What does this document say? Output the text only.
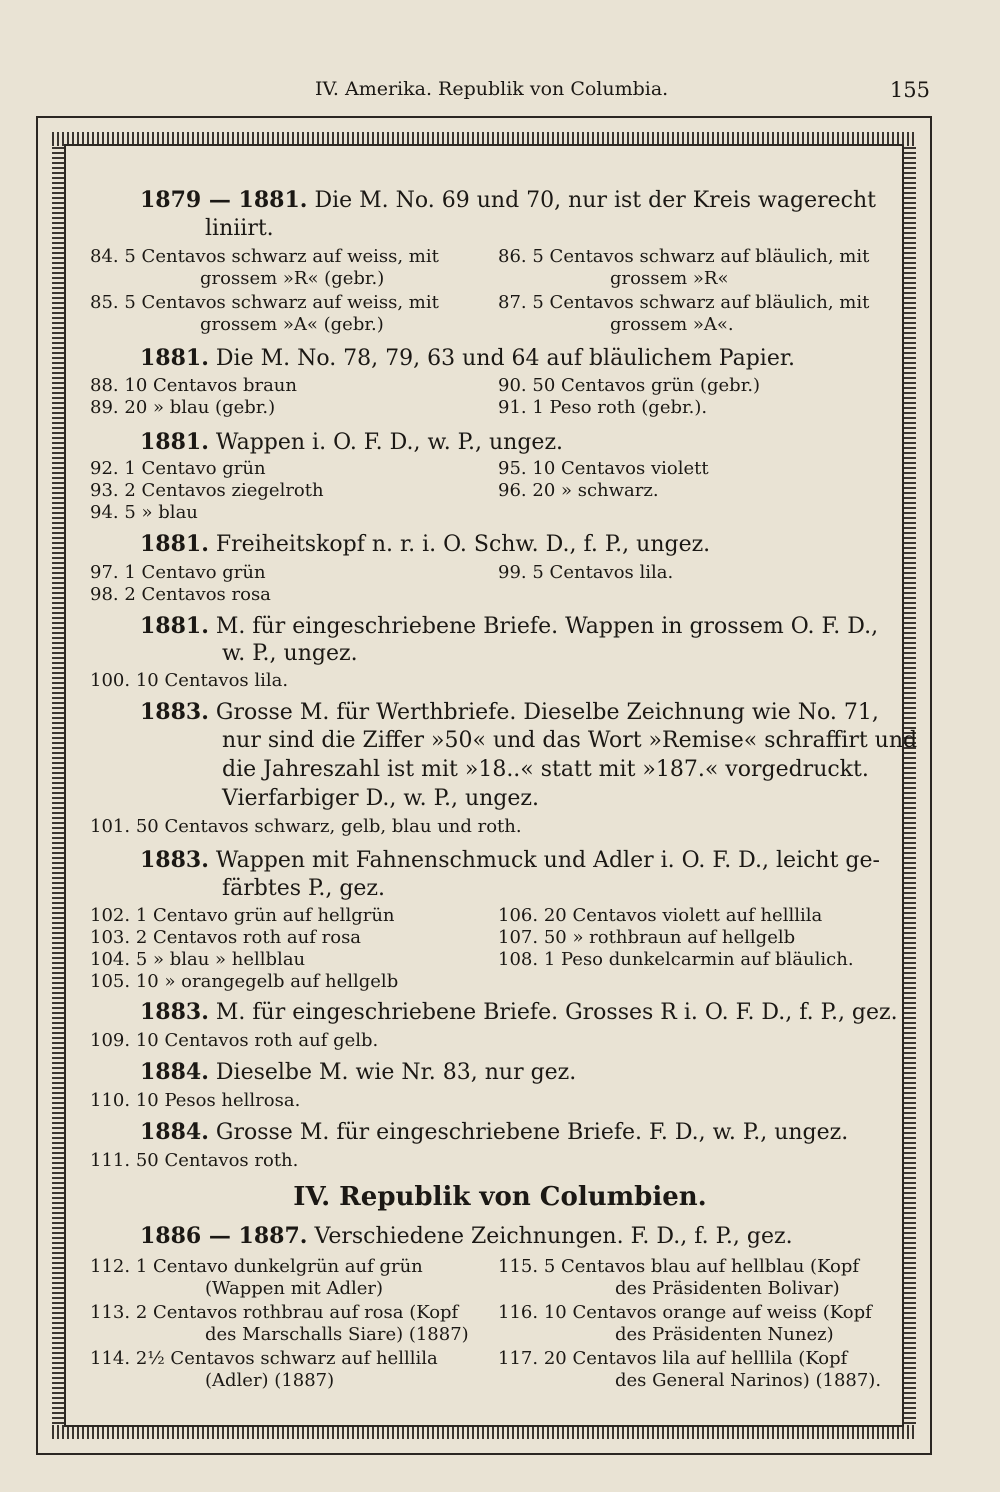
IV. Amerika. Republik von Columbia.	155
1879 — 1881. Die M. No. 69 und 70, nur ist der Kreis wagerecht
liniirt.
84. 5 Centavos schwarz auf weiss, mit
grossem »R« (gebr.)
85. 5 Centavos schwarz auf weiss, mit
grossem »A« (gebr.)
86. 5 Centavos schwarz auf bläulich, mit
grossem »R«
87. 5 Centavos schwarz auf bläulich, mit
grossem »A«.
1881. Die M. No. 78, 79, 63 und 64 auf bläulichem Papier.
88. 10 Centavos braun
89. 20 » blau (gebr.)
90. 50 Centavos grün (gebr.)
91. 1 Peso roth (gebr.).
1881. Wappen i. O. F. D., w. P., ungez.
92. 1 Centavo grün
93. 2 Centavos ziegelroth
94. 5 » blau
95. 10 Centavos violett
96. 20 » schwarz.
1881. Freiheitskopf n. r. i. O. Schw. D., f. P., ungez.
97. 1 Centavo grün
98. 2 Centavos rosa
99. 5 Centavos lila.
1881. M. für eingeschriebene Briefe. Wappen in grossem O. F. D.,
w. P., ungez.
100. 10 Centavos lila.
1883. Grosse M. für Werthbriefe. Dieselbe Zeichnung wie No. 71,
nur sind die Ziffer »50« und das Wort »Remise« schraffirt und
die Jahreszahl ist mit »18..« statt mit »187.« vorgedruckt.
Vierfarbiger D., w. P., ungez.
101. 50 Centavos schwarz, gelb, blau und roth.
1883. Wappen mit Fahnenschmuck und Adler i. O. F. D., leicht ge-
färbtes P., gez.
102. 1 Centavo grün auf hellgrün
103. 2 Centavos roth auf rosa
104. 5 » blau » hellblau
105. 10 » orangegelb auf hellgelb
106. 20 Centavos violett auf helllila
107. 50 » rothbraun auf hellgelb
108. 1 Peso dunkelcarmin auf bläulich.
1883. M. für eingeschriebene Briefe. Grosses R i. O. F. D., f. P., gez.
109. 10 Centavos roth auf gelb.
1884. Dieselbe M. wie Nr. 83, nur gez.
110. 10 Pesos hellrosa.
1884. Grosse M. für eingeschriebene Briefe. F. D., w. P., ungez.
111. 50 Centavos roth.
IV. Republik von Columbien.
1886 — 1887. Verschiedene Zeichnungen. F. D., f. P., gez.
112. 1 Centavo dunkelgrün auf grün
(Wappen mit Adler)
113. 2 Centavos rothbrau auf rosa (Kopf
des Marschalls Siare) (1887)
114. 2½ Centavos schwarz auf helllila
(Adler) (1887)
115. 5 Centavos blau auf hellblau (Kopf
des Präsidenten Bolivar)
116. 10 Centavos orange auf weiss (Kopf
des Präsidenten Nunez)
117. 20 Centavos lila auf helllila (Kopf
des General Narinos) (1887).
